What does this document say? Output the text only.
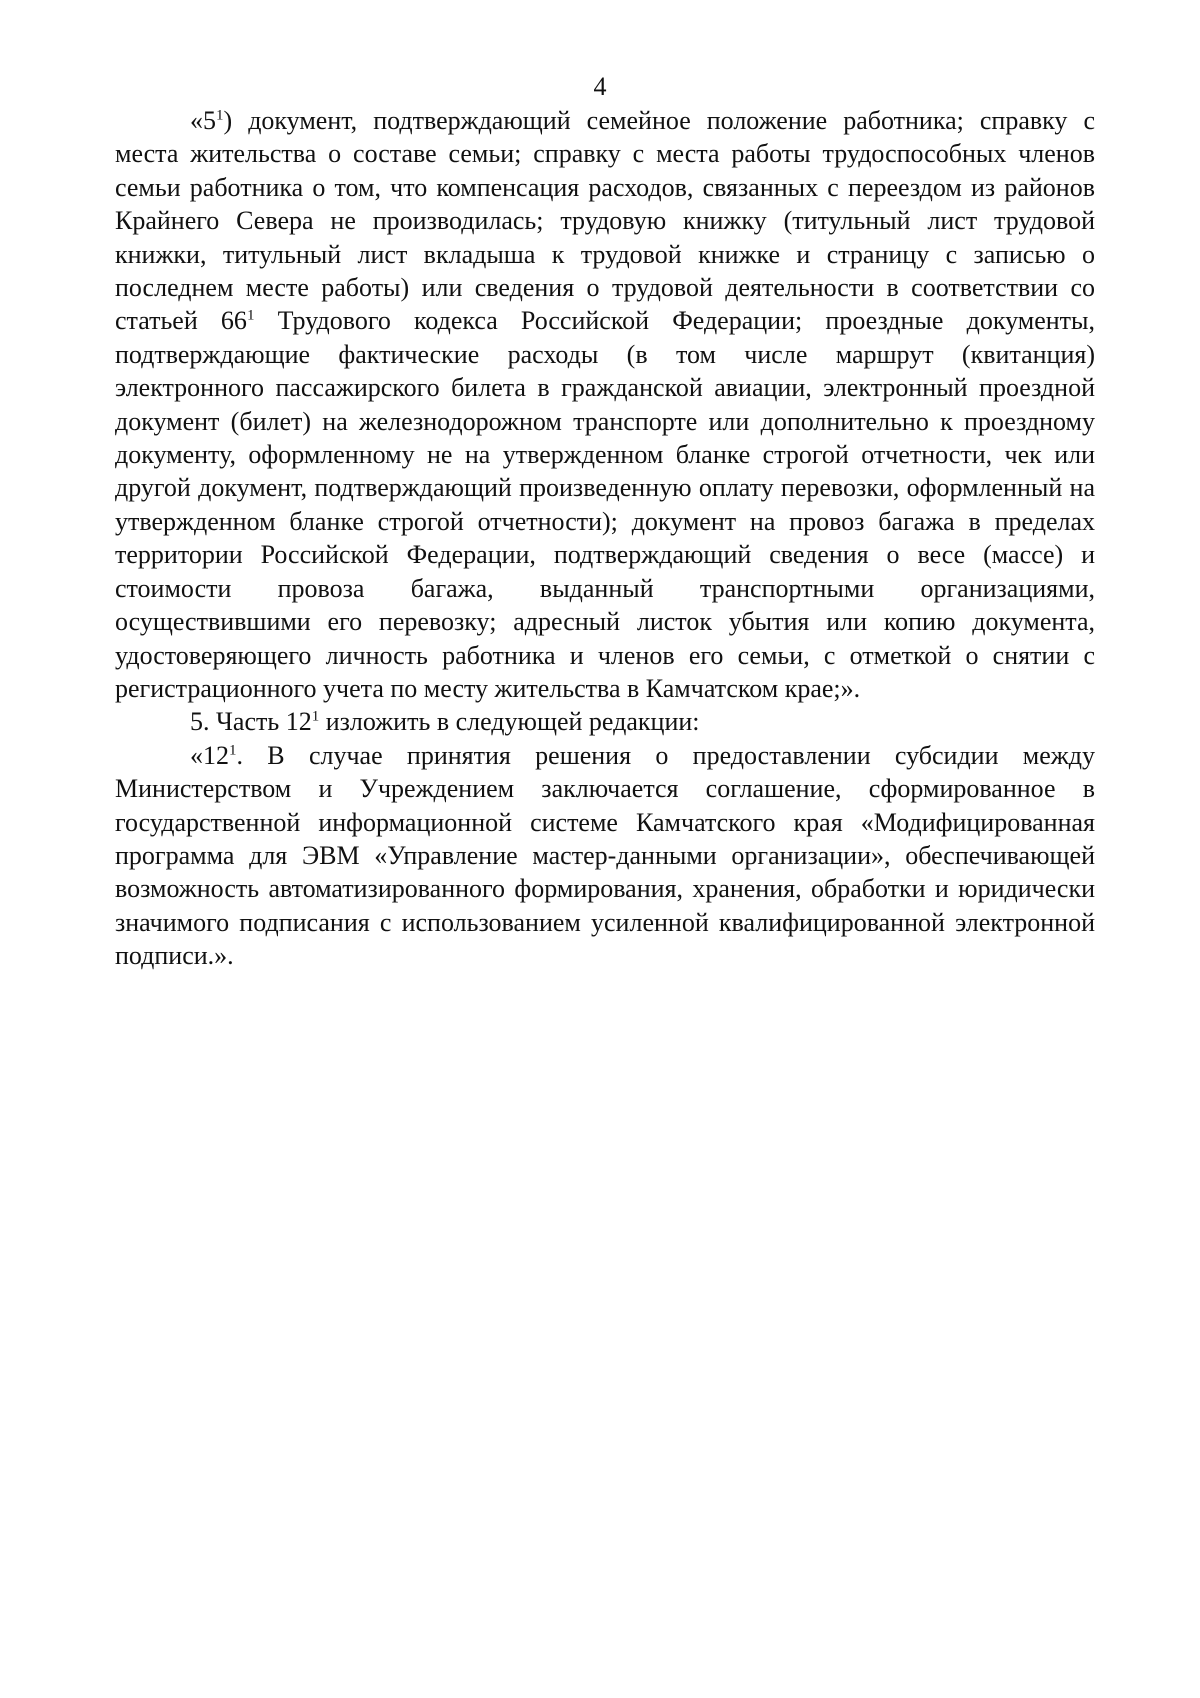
4

«$5^1$) документ, подтверждающий семейное положение работника; справку с места жительства о составе семьи; справку с места работы трудоспособных членов семьи работника о том, что компенсация расходов, связанных с переездом из районов Крайнего Севера не производилась; трудовую книжку (титульный лист трудовой книжки, титульный лист вкладыша к трудовой книжке и страницу с записью о последнем месте работы) или сведения о трудовой деятельности в соответствии со статьей $66^1$ Трудового кодекса Российской Федерации; проездные документы, подтверждающие фактические расходы (в том числе маршрут (квитанция) электронного пассажирского билета в гражданской авиации, электронный проездной документ (билет) на железнодорожном транспорте или дополнительно к проездному документу, оформленному не на утвержденном бланке строгой отчетности, чек или другой документ, подтверждающий произведенную оплату перевозки, оформленный на утвержденном бланке строгой отчетности); документ на провоз багажа в пределах территории Российской Федерации, подтверждающий сведения о весе (массе) и стоимости провоза багажа, выданный транспортными организациями, осуществившими его перевозку; адресный листок убытия или копию документа, удостоверяющего личность работника и членов его семьи, с отметкой о снятии с регистрационного учета по месту жительства в Камчатском крае;».

5. Часть $12^1$ изложить в следующей редакции:

«$12^1$. В случае принятия решения о предоставлении субсидии между Министерством и Учреждением заключается соглашение, сформированное в государственной информационной системе Камчатского края «Модифицированная программа для ЭВМ «Управление мастер-данными организации», обеспечивающей возможность автоматизированного формирования, хранения, обработки и юридически значимого подписания с использованием усиленной квалифицированной электронной подписи.».
